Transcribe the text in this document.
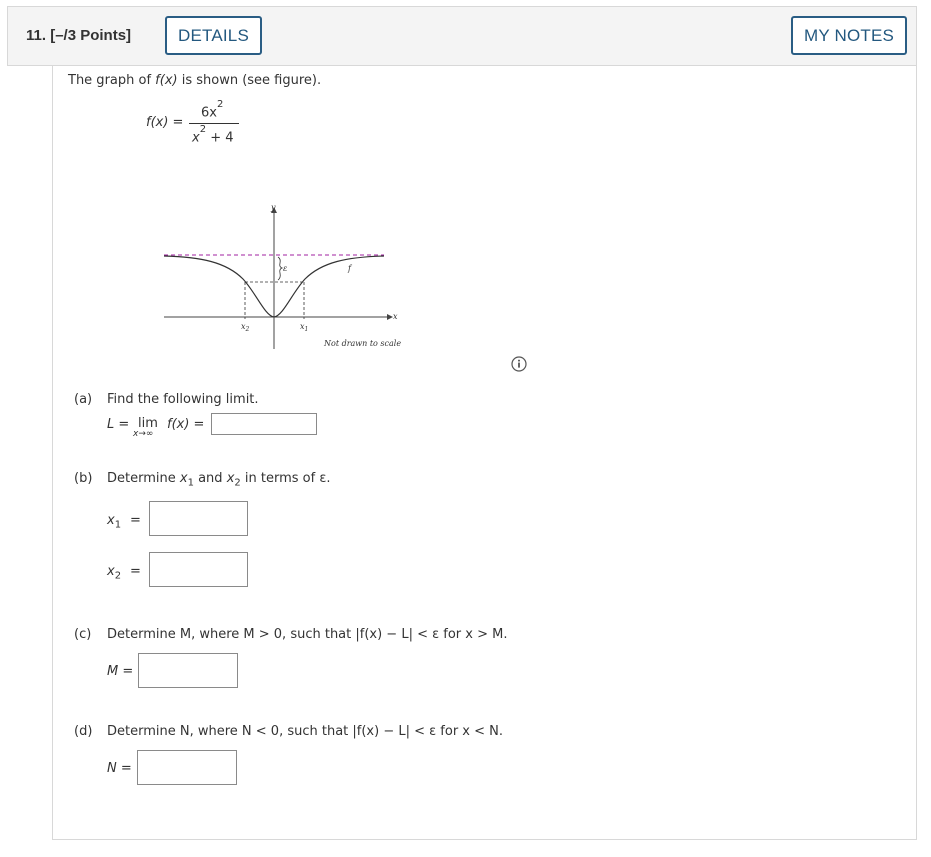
11. [–/3 Points]	DETAILS	MY NOTES
The graph of f(x) is shown (see figure).
f(x) =
$6x^2$
$x^2 + 4$
y
x
ε	f
$x_2$	$x_1$
Not drawn to scale
(a) Find the following limit.
L = lim
x→∞
f(x) =
(b) Determine $x_1$ and $x_2$ in terms of ε.
$x_1$ =
$x_2$ =
(c) Determine M, where M > 0, such that |f(x) − L| < ε for x > M.
M =
(d) Determine N, where N < 0, such that |f(x) − L| < ε for x < N.
N =
